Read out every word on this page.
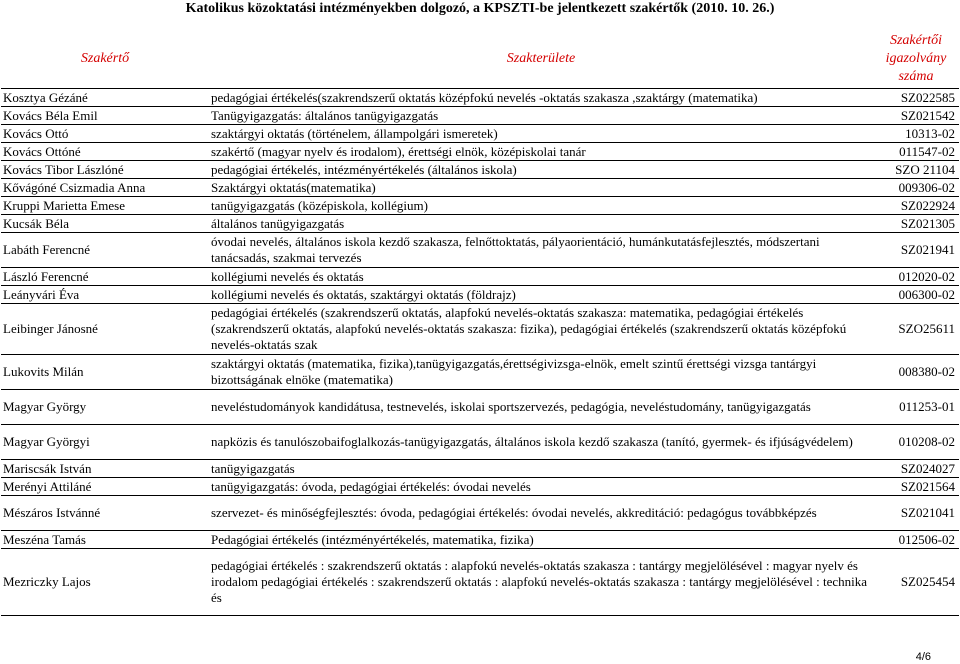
Katolikus közoktatási intézményekben dolgozó, a KPSZTI-be jelentkezett szakértők (2010. 10. 26.)
Szakértő	Szakterülete	Szakértői
igazolvány
száma
Kosztya Gézáné	pedagógiai értékelés(szakrendszerű oktatás középfokú nevelés -oktatás szakasza ,szaktárgy (matematika)	SZ022585
Kovács Béla Emil	Tanügyigazgatás: általános tanügyigazgatás	SZ021542
Kovács Ottó	szaktárgyi oktatás (történelem, állampolgári ismeretek)	10313-02
Kovács Ottóné	szakértő (magyar nyelv és irodalom), érettségi elnök, középiskolai tanár	011547-02
Kovács Tibor Lászlóné	pedagógiai értékelés, intézményértékelés (általános iskola)	SZO 21104
Kővágóné Csizmadia Anna	Szaktárgyi oktatás(matematika)	009306-02
Kruppi Marietta Emese	tanügyigazgatás (középiskola, kollégium)	SZ022924
Kucsák Béla	általános tanügyigazgatás	SZ021305
Labáth Ferencné	óvodai nevelés, általános iskola kezdő szakasza, felnőttoktatás, pályaorientáció, humánkutatásfejlesztés, módszertani tanácsadás, szakmai tervezés	SZ021941
László Ferencné	kollégiumi nevelés és oktatás	012020-02
Leányvári Éva	kollégiumi nevelés és oktatás, szaktárgyi oktatás (földrajz)	006300-02
Leibinger Jánosné	pedagógiai értékelés (szakrendszerű oktatás, alapfokú nevelés-oktatás szakasza: matematika, pedagógiai értékelés (szakrendszerű oktatás, alapfokú nevelés-oktatás szakasza: fizika), pedagógiai értékelés (szakrendszerű oktatás középfokú nevelés-oktatás szak	SZO25611
Lukovits Milán	szaktárgyi oktatás (matematika, fizika),tanügyigazgatás,érettségivizsga-elnök, emelt szintű érettségi vizsga tantárgyi bizottságának elnöke (matematika)	008380-02
Magyar György	neveléstudományok kandidátusa, testnevelés, iskolai sportszervezés, pedagógia, neveléstudomány, tanügyigazgatás	011253-01
Magyar Györgyi	napközis és tanulószobaifoglalkozás-tanügyigazgatás, általános iskola kezdő szakasza (tanító, gyermek- és ifjúságvédelem)	010208-02
Mariscsák István	tanügyigazgatás	SZ024027
Merényi Attiláné	tanügyigazgatás: óvoda, pedagógiai értékelés: óvodai nevelés	SZ021564
Mészáros Istvánné	szervezet- és minőségfejlesztés: óvoda, pedagógiai értékelés: óvodai nevelés, akkreditáció: pedagógus továbbképzés	SZ021041
Meszéna Tamás	Pedagógiai értékelés (intézményértékelés, matematika, fizika)	012506-02
Mezriczky Lajos	pedagógiai értékelés : szakrendszerű oktatás : alapfokú nevelés-oktatás szakasza : tantárgy megjelölésével : magyar nyelv és irodalom pedagógiai értékelés : szakrendszerű oktatás : alapfokú nevelés-oktatás szakasza : tantárgy megjelölésével : technika és	SZ025454
4/6
